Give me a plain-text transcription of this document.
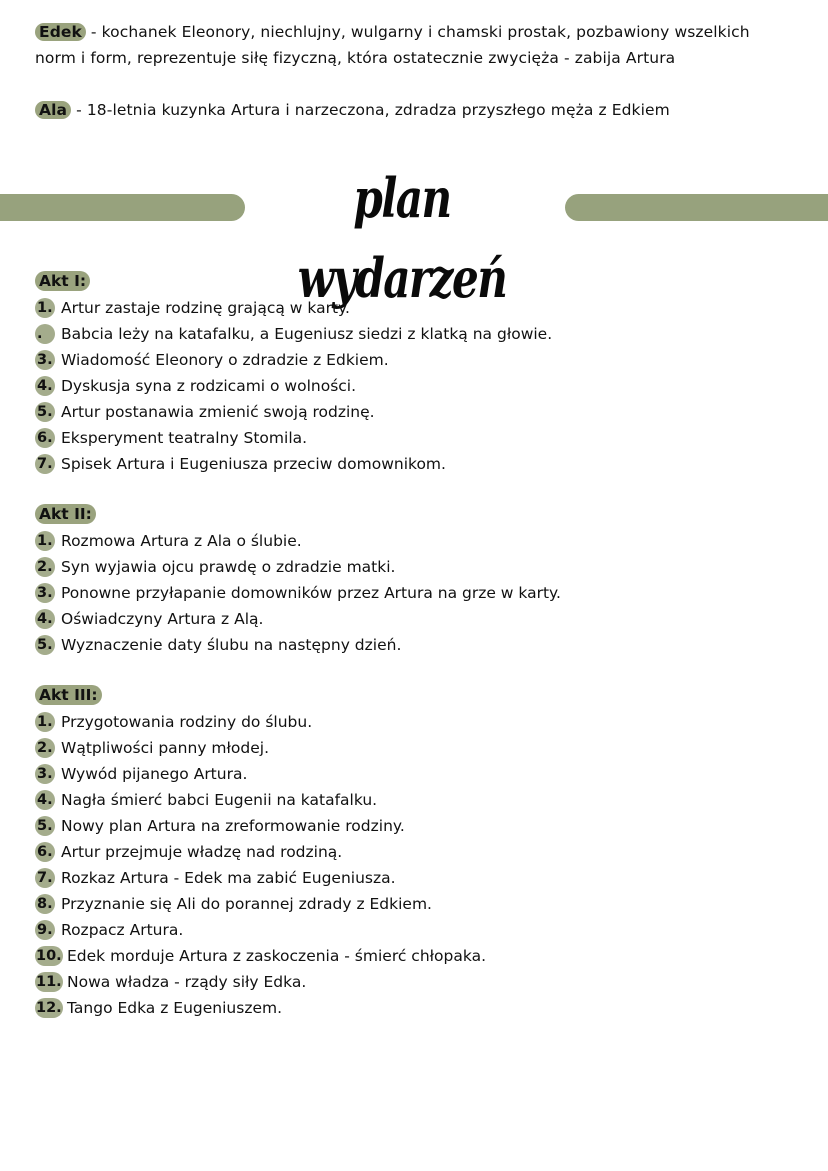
Edek - kochanek Eleonory, niechlujny, wulgarny i chamski prostak, pozbawiony wszelkich norm i form, reprezentuje siłę fizyczną, która ostatecznie zwycięża - zabija Artura
Ala - 18-letnia kuzynka Artura i narzeczona, zdradza przyszłego męża z Edkiem
plan wydarzeń
Akt I:
1. Artur zastaje rodzinę grającą w karty.
.	Babcia leży na katafalku, a Eugeniusz siedzi z klatką na głowie.
3. Wiadomość Eleonory o zdradzie z Edkiem.
4. Dyskusja syna z rodzicami o wolności.
5. Artur postanawia zmienić swoją rodzinę.
6. Eksperyment teatralny Stomila.
7. Spisek Artura i Eugeniusza przeciw domownikom.
Akt II:
1. Rozmowa Artura z Ala o ślubie.
2. Syn wyjawia ojcu prawdę o zdradzie matki.
3. Ponowne przyłapanie domowników przez Artura na grze w karty.
4. Oświadczyny Artura z Alą.
5. Wyznaczenie daty ślubu na następny dzień.
Akt III:
1. Przygotowania rodziny do ślubu.
2. Wątpliwości panny młodej.
3. Wywód pijanego Artura.
4. Nagła śmierć babci Eugenii na katafalku.
5. Nowy plan Artura na zreformowanie rodziny.
6. Artur przejmuje władzę nad rodziną.
7. Rozkaz Artura - Edek ma zabić Eugeniusza.
8. Przyznanie się Ali do porannej zdrady z Edkiem.
9. Rozpacz Artura.
10. Edek morduje Artura z zaskoczenia - śmierć chłopaka.
11. Nowa władza - rządy siły Edka.
12. Tango Edka z Eugeniuszem.
